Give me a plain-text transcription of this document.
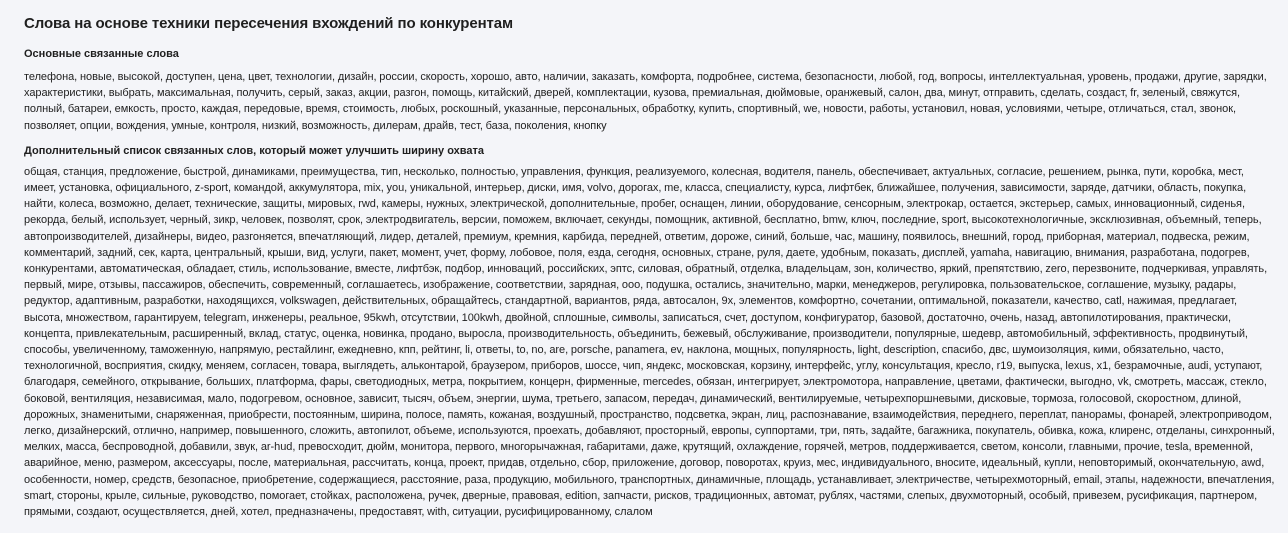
Слова на основе техники пересечения вхождений по конкурентам
Основные связанные слова

телефона, новые, высокой, доступен, цена, цвет, технологии, дизайн, россии, скорость, хорошо, авто, наличии, заказать, комфорта, подробнее, система, безопасности, любой, год, вопросы, интеллектуальная, уровень, продажи, другие, зарядки, характеристики, выбрать, максимальная, получить, серый, заказ, акции, разгон, помощь, китайский, дверей, комплектации, кузова, премиальная, дюймовые, оранжевый, салон, два, минут, отправить, сделать, создаст, fr, зеленый, свяжутся, полный, батареи, емкость, просто, каждая, передовые, время, стоимость, любых, роскошный, указанные, персональных, обработку, купить, спортивный, we, новости, работы, установил, новая, условиями, четыре, отличаться, стал, звонок, позволяет, опции, вождения, умные, контроля, низкий, возможность, дилерам, драйв, тест, база, поколения, кнопку

Дополнительный список связанных слов, который может улучшить ширину охвата

общая, станция, предложение, быстрой, динамиками, преимущества, тип, несколько, полностью, управления, функция, реализуемого, колесная, водителя, панель, обеспечивает, актуальных, согласие, решением, рынка, пути, коробка, мест, имеет, установка, официального, z-sport, командой, аккумулятора, mix, you, уникальной, интерьер, диски, имя, volvo, дорогах, me, класса, специалисту, курса, лифтбек, ближайшее, получения, зависимости, заряде, датчики, область, покупка, найти, колеса, возможно, делает, технические, защиты, мировых, rwd, камеры, нужных, электрической, дополнительные, пробег, оснащен, линии, оборудование, сенсорным, электрокар, остается, экстерьер, самых, инновационный, сиденья, рекорда, белый, использует, черный, зикр, человек, позволят, срок, электродвигатель, версии, поможем, включает, секунды, помощник, активной, бесплатно, bmw, ключ, последние, sport, высокотехнологичные, эксклюзивная, объемный, теперь, автопроизводителей, дизайнеры, видео, разгоняется, впечатляющий, лидер, деталей, премиум, кремния, карбида, передней, ответим, дороже, синий, больше, час, машину, появилось, внешний, город, приборная, материал, подвеска, режим, комментарий, задний, сек, карта, центральный, крыши, вид, услуги, пакет, момент, учет, форму, лобовое, поля, езда, сегодня, основных, стране, руля, даете, удобным, показать, дисплей, yamaha, навигацию, внимания, разработана, подогрев, конкурентами, автоматическая, обладает, стиль, использование, вместе, лифтбэк, подбор, инноваций, российских, эптс, силовая, обратный, отделка, владельцам, зон, количество, яркий, препятствию, zero, перезвоните, подчеркивая, управлять, первый, мире, отзывы, пассажиров, обеспечить, современный, соглашаетесь, изображение, соответствии, зарядная, ооо, подушка, остались, значительно, марки, менеджеров, регулировка, пользовательское, соглашение, музыку, радары, редуктор, адаптивным, разработки, находящихся, volkswagen, действительных, обращайтесь, стандартной, вариантов, ряда, автосалон, 9х, элементов, комфортно, сочетании, оптимальной, показатели, качество, catl, нажимая, предлагает, высота, множеством, гарантируем, telegram, инженеры, реальное, 95kwh, отсутствии, 100kwh, двойной, сплошные, символы, записаться, счет, доступом, конфигуратор, базовой, достаточно, очень, назад, автопилотирования, практически, концепта, привлекательным, расширенный, вклад, статус, оценка, новинка, продано, выросла, производительность, объединить, бежевый, обслуживание, производители, популярные, шедевр, автомобильный, эффективность, продвинутый, способы, увеличенному, таможенную, напрямую, рестайлинг, ежедневно, кпп, рейтинг, li, ответы, to, no, are, porsche, panamera, ev, наклона, мощных, популярность, light, description, спасибо, двс, шумоизоляция, кими, обязательно, часто, технологичной, восприятия, скидку, меняем, согласен, товара, выглядеть, альконтарой, браузером, приборов, шоссе, чип, яндекс, московская, корзину, интерфейс, углу, консультация, кресло, r19, выпуска, lexus, x1, безрамочные, audi, уступают, благодаря, семейного, открывание, больших, платформа, фары, светодиодных, метра, покрытием, концерн, фирменные, mercedes, обязан, интегрирует, электромотора, направление, цветами, фактически, выгодно, vk, смотреть, массаж, стекло, боковой, вентиляция, независимая, мало, подогревом, основное, зависит, тысяч, объем, энергии, шума, третьего, запасом, передач, динамический, вентилируемые, четырехпоршневыми, дисковые, тормоза, голосовой, скоростном, длиной, дорожных, знаменитыми, снаряженная, приобрести, постоянным, ширина, полосе, память, кожаная, воздушный, пространство, подсветка, экран, лиц, распознавание, взаимодействия, переднего, переплат, панорамы, фонарей, электроприводом, легко, дизайнерский, отлично, например, повышенного, сложить, автопилот, объеме, используются, проехать, добавляют, просторный, европы, суппортами, три, пять, задайте, багажника, покупатель, обивка, кожа, клиренс, отделаны, синхронный, мелких, масса, беспроводной, добавили, звук, ar-hud, превосходит, дюйм, монитора, первого, многорычажная, габаритами, даже, крутящий, охлаждение, горячей, метров, поддерживается, светом, консоли, главными, прочие, tesla, временной, аварийное, меню, размером, аксессуары, после, материальная, рассчитать, конца, проект, придав, отдельно, сбор, приложение, договор, поворотах, круиз, мес, индивидуального, вносите, идеальный, купли, неповторимый, окончательную, awd, особенности, номер, средств, безопасное, приобретение, содержащиеся, расстояние, раза, продукцию, мобильного, транспортных, динамичные, площадь, устанавливает, электричестве, четырехмоторный, email, этапы, надежности, впечатления, smart, стороны, крыле, сильные, руководство, помогает, стойках, расположена, ручек, дверные, правовая, edition, запчасти, рисков, традиционных, автомат, рублях, частями, слепых, двухмоторный, особый, привезем, русификация, партнером, прямыми, создают, осуществляется, дней, хотел, предназначены, предоставят, with, ситуации, русифицированному, слалом
